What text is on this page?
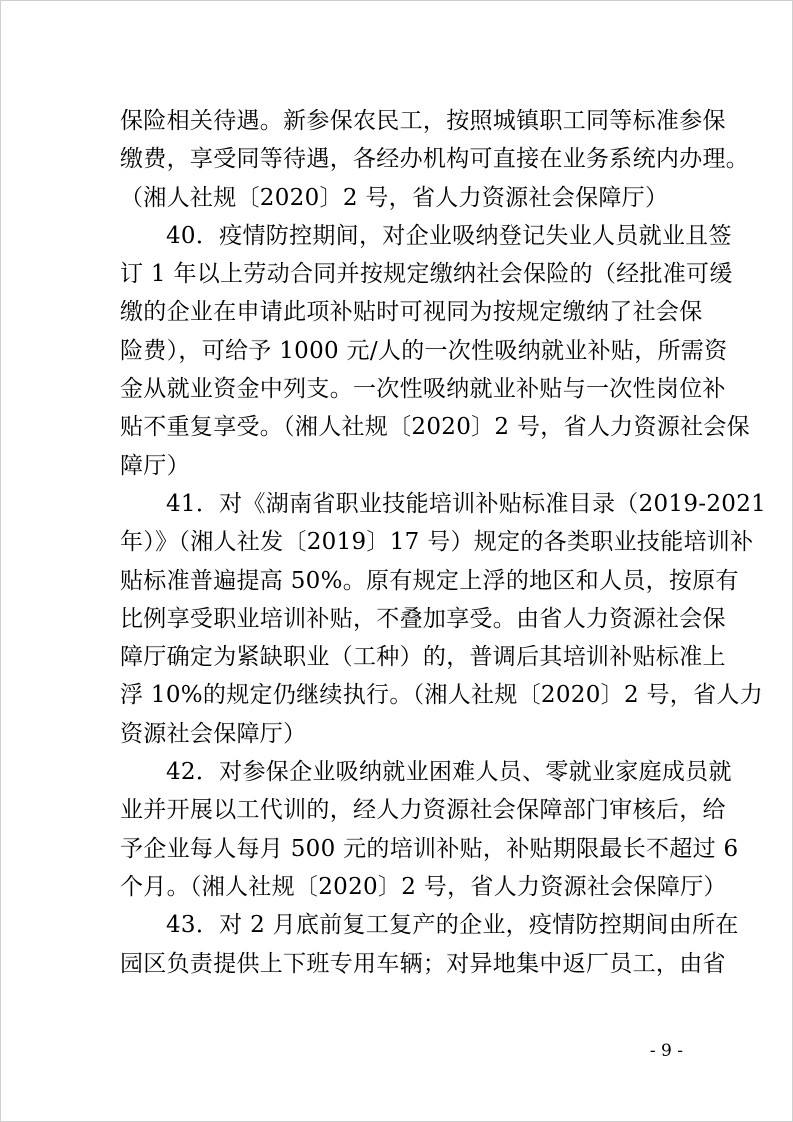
保险相关待遇。新参保农民工，按照城镇职工同等标准参保
缴费，享受同等待遇，各经办机构可直接在业务系统内办理。
（湘人社规〔2020〕2 号，省人力资源社会保障厅）
40．疫情防控期间，对企业吸纳登记失业人员就业且签
订 1 年以上劳动合同并按规定缴纳社会保险的（经批准可缓
缴的企业在申请此项补贴时可视同为按规定缴纳了社会保
险费），可给予 1000 元/人的一次性吸纳就业补贴，所需资
金从就业资金中列支。一次性吸纳就业补贴与一次性岗位补
贴不重复享受。（湘人社规〔2020〕2 号，省人力资源社会保
障厅）
41．对《湖南省职业技能培训补贴标准目录（2019-2021
年）》（湘人社发〔2019〕17 号）规定的各类职业技能培训补
贴标准普遍提高 50%。原有规定上浮的地区和人员，按原有
比例享受职业培训补贴，不叠加享受。由省人力资源社会保
障厅确定为紧缺职业（工种）的，普调后其培训补贴标准上
浮 10%的规定仍继续执行。（湘人社规〔2020〕2 号，省人力
资源社会保障厅）
42．对参保企业吸纳就业困难人员、零就业家庭成员就
业并开展以工代训的，经人力资源社会保障部门审核后，给
予企业每人每月 500 元的培训补贴，补贴期限最长不超过 6
个月。（湘人社规〔2020〕2 号，省人力资源社会保障厅）
43．对 2 月底前复工复产的企业，疫情防控期间由所在
园区负责提供上下班专用车辆；对异地集中返厂员工，由省
- 9 -
